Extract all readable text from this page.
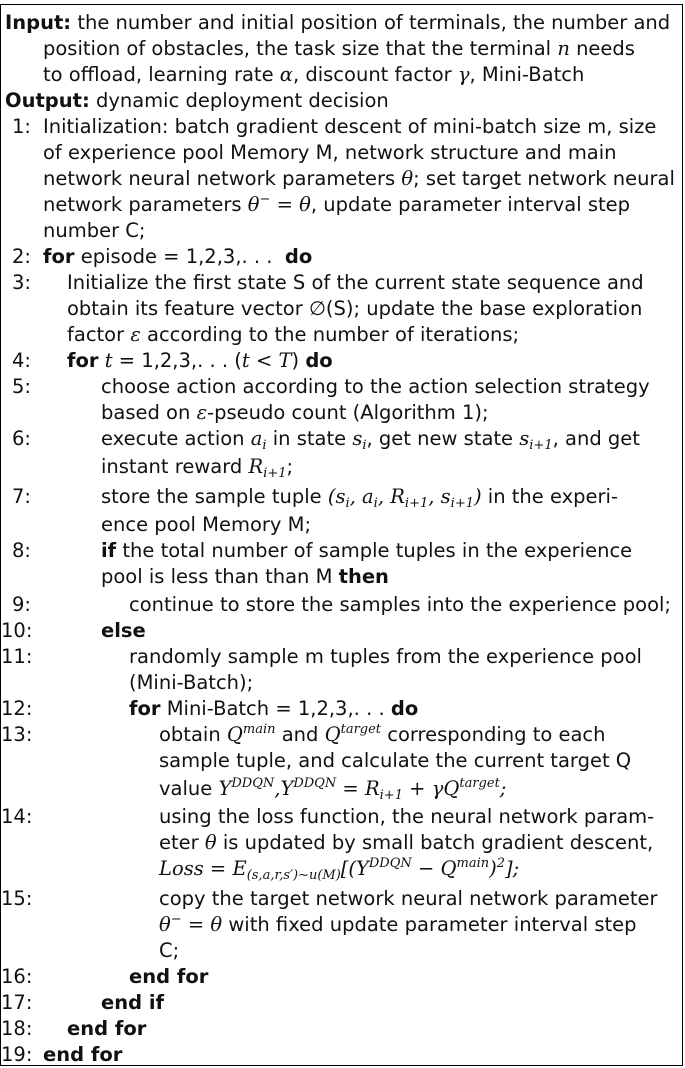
Input: the number and initial position of terminals, the number and
position of obstacles, the task size that the terminal n needs
to offload, learning rate α, discount factor γ, Mini-Batch
Output: dynamic deployment decision
1:
2:
3:
4:
5:
6:
7:
8:
9:
10:
11:
12:
13:
14:
15:
16:
17:
18:
19:
Initialization: batch gradient descent of mini-batch size m, size
of experience pool Memory M, network structure and main
network neural network parameters θ; set target network neural
network parameters θ− = θ, update parameter interval step
number C;
for episode = 1,2,3,. . . do
Initialize the first state S of the current state sequence and
obtain its feature vector ∅(S); update the base exploration
factor ε according to the number of iterations;
for t = 1,2,3,. . . (t < T) do
choose action according to the action selection strategy
based on ε-pseudo count (Algorithm 1);
execute action $a_i$ in state $s_i$, get new state $s_{i+1}$, and get
instant reward $R_{i+1}$;
store the sample tuple ($s_i$, $a_i$, $R_{i+1}$, $s_{i+1}$) in the experi-
ence pool Memory M;
if the total number of sample tuples in the experience
pool is less than than M then
continue to store the samples into the experience pool;
else
randomly sample m tuples from the experience pool
(Mini-Batch);
for Mini-Batch = 1,2,3,. . . do
obtain $Q^{main}$ and $Q^{target}$ corresponding to each
sample tuple, and calculate the current target Q
value $Y^{DDQN},Y^{DDQN} = R_{i+1} + \gamma Q^{target}$;
using the loss function, the neural network param-
eter θ is updated by small batch gradient descent,
Loss = $E_{(s,a,r,s')\sim u(M)}[(Y^{DDQN} - Q^{main})^2]$;
copy the target network neural network parameter
θ− = θ with fixed update parameter interval step
C;
end for
end if
end for
end for
